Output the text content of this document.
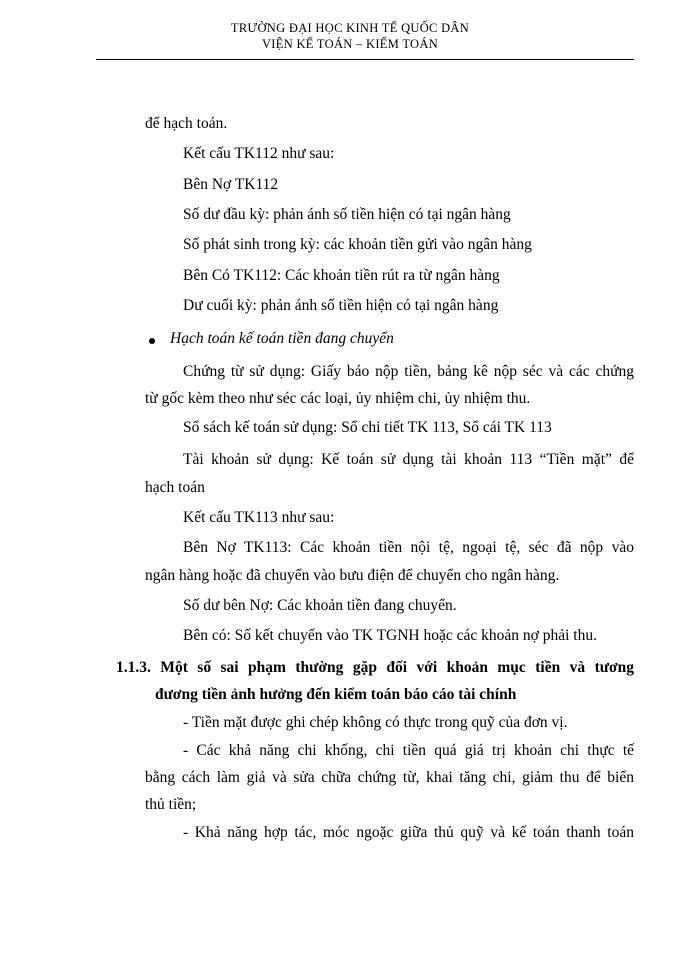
TRƯỜNG ĐẠI HỌC KINH TẾ QUỐC DÂN
VIỆN KẾ TOÁN – KIỂM TOÁN
để hạch toán.
Kết cấu TK112 như sau:
Bên Nợ TK112
Số dư đầu kỳ: phản ánh số tiền hiện có tại ngân hàng
Số phát sinh trong kỳ: các khoản tiền gửi vào ngân hàng
Bên Có TK112: Các khoản tiền rút ra từ ngân hàng
Dư cuối kỳ: phản ánh số tiền hiện có tại ngân hàng
Hạch toán kế toán tiền đang chuyển
Chứng từ sử dụng: Giấy báo nộp tiền, bảng kê nộp séc và các chứng
từ gốc kèm theo như séc các loại, ủy nhiệm chi, ủy nhiệm thu.
Sổ sách kế toán sử dụng: Sổ chi tiết TK 113, Sổ cái TK 113
Tài khoản sử dụng: Kế toán sử dụng tài khoản 113 “Tiền mặt” để
hạch toán
Kết cấu TK113 như sau:
Bên Nợ TK113: Các khoản tiền nội tệ, ngoại tệ, séc đã nộp vào
ngân hàng hoặc đã chuyển vào bưu điện để chuyển cho ngân hàng.
Số dư bên Nợ: Các khoản tiền đang chuyển.
Bên có: Số kết chuyển vào TK TGNH hoặc các khoản nợ phải thu.
1.1.3. Một số sai phạm thường gặp đối với khoản mục tiền và tương
đương tiền ảnh hưởng đến kiểm toán báo cáo tài chính
- Tiền mặt được ghi chép không có thực trong quỹ của đơn vị.
- Các khả năng chi khống, chi tiền quá giá trị khoản chi thực tế
bằng cách làm giả và sửa chữa chứng từ, khai tăng chi, giảm thu để biển
thủ tiền;
- Khả năng hợp tác, móc ngoặc giữa thủ quỹ và kế toán thanh toán
